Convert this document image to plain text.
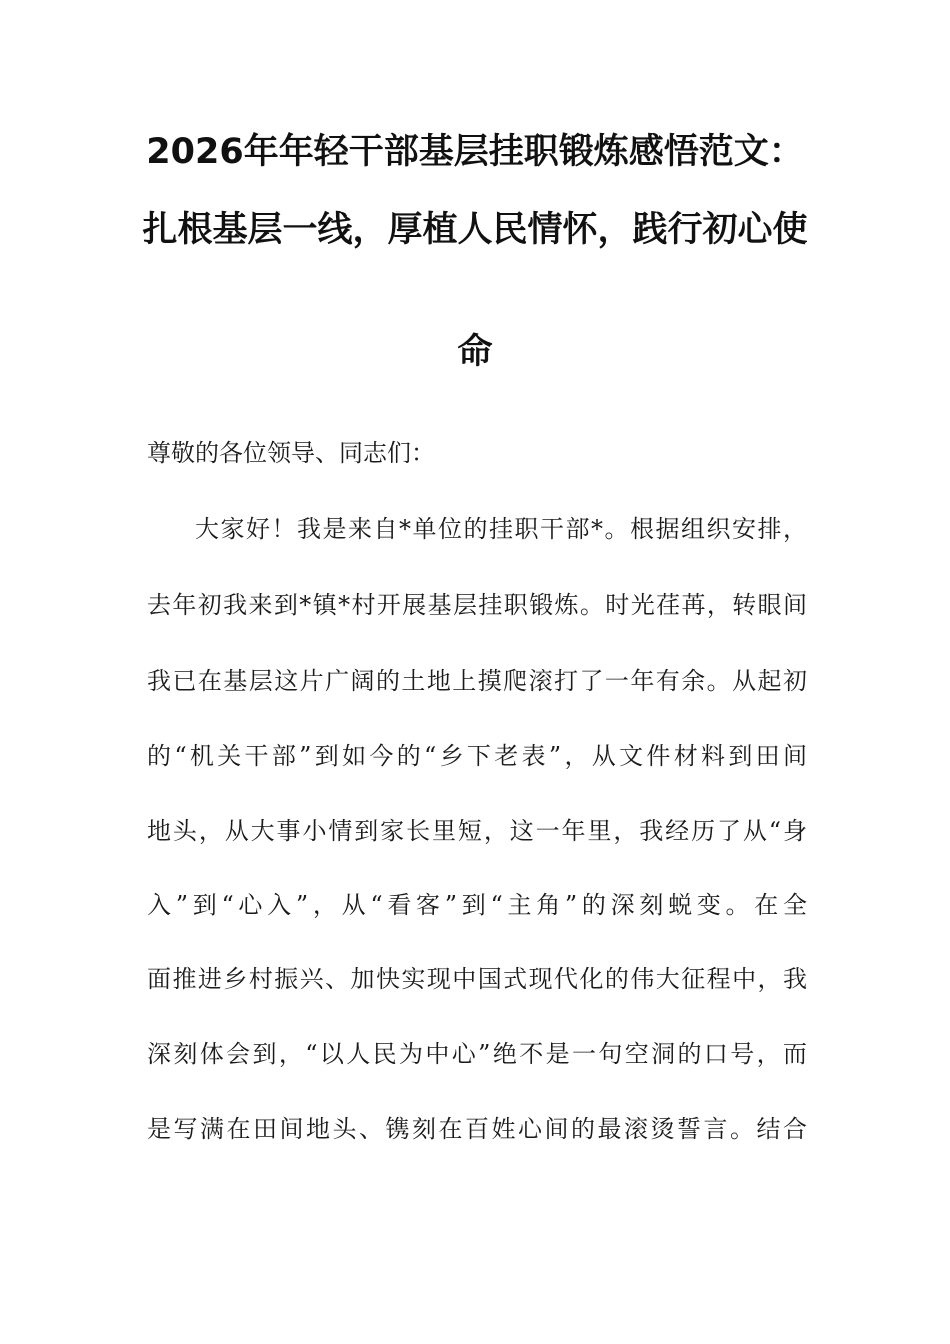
2026年年轻干部基层挂职锻炼感悟范文：
扎根基层一线，厚植人民情怀，践行初心使
命
尊敬的各位领导、同志们：
大家好！我是来自*单位的挂职干部*。根据组织安排，
去年初我来到*镇*村开展基层挂职锻炼。时光荏苒，转眼间
我已在基层这片广阔的土地上摸爬滚打了一年有余。从起初
的“机关干部”到如今的“乡下老表”，从文件材料到田间
地头，从大事小情到家长里短，这一年里，我经历了从“身
入”到“心入”，从“看客”到“主角”的深刻蜕变。在全
面推进乡村振兴、加快实现中国式现代化的伟大征程中，我
深刻体会到，“以人民为中心”绝不是一句空洞的口号，而
是写满在田间地头、镌刻在百姓心间的最滚烫誓言。结合
